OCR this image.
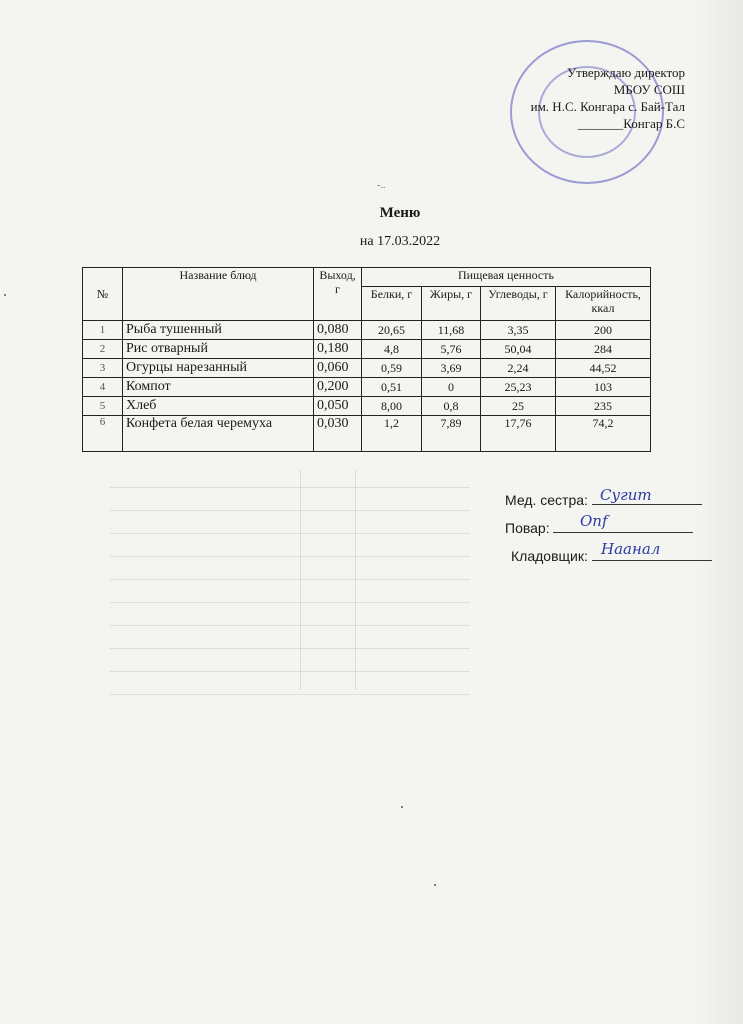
Утверждаю директор
МБОУ СОШ
им. Н.С. Конгара с. Бай-Тал
_______Конгар Б.С
-..
Меню
на 17.03.2022
№	Название блюд	Выход, г	Пищевая ценность			
			Белки, г	Жиры, г	Углеводы, г	Калорийность, ккал
1	Рыба тушенный	0,080	20,65	11,68	3,35	200
2	Рис отварный	0,180	4,8	5,76	50,04	284
3	Огурцы нарезанный	0,060	0,59	3,69	2,24	44,52
4	Компот	0,200	0,51	0	25,23	103
5	Хлеб	0,050	8,00	0,8	25	235
6	Конфета белая черемуха	0,030	1,2	7,89	17,76	74,2
Мед. сестра: Сугит
Повар: Оnf
Кладовщик: Наанал
